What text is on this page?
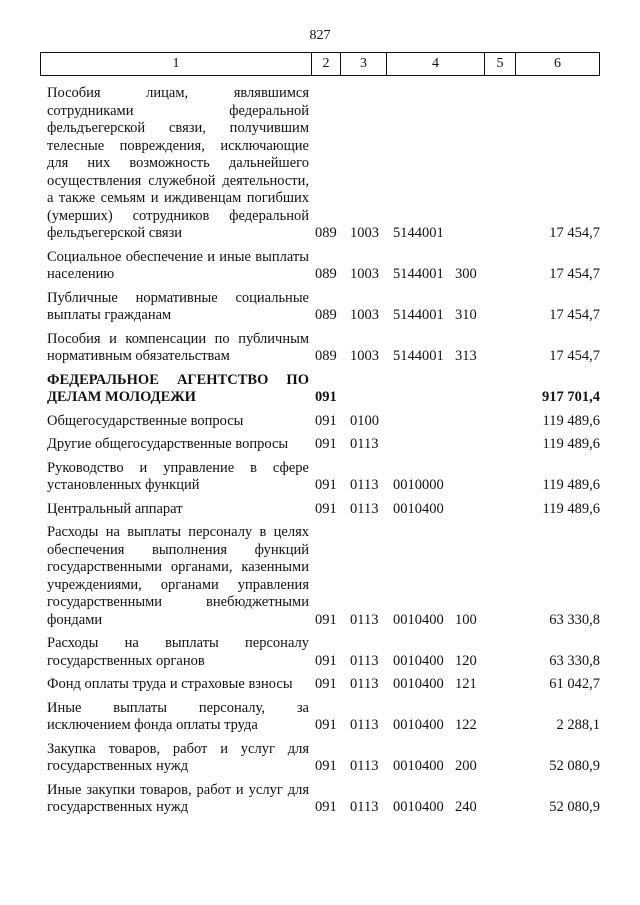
827
1	2	3	4	5	6
Пособия лицам, являвшимся сотрудниками федеральной фельдъегерской связи, получившим телесные повреждения, исключающие для них возможность дальнейшего осуществления служебной деятельности, а также семьям и иждивенцам погибших (умерших) сотрудников федеральной фельдъегерской связи	089 1003 5144001	17 454,7
Социальное обеспечение и иные выплаты населению	089 1003 5144001 300	17 454,7
Публичные нормативные социальные выплаты гражданам	089 1003 5144001 310	17 454,7
Пособия и компенсации по публичным нормативным обязательствам	089 1003 5144001 313	17 454,7
ФЕДЕРАЛЬНОЕ АГЕНТСТВО ПО ДЕЛАМ МОЛОДЕЖИ	091	917 701,4
Общегосударственные вопросы	091 0100	119 489,6
Другие общегосударственные вопросы	091 0113	119 489,6
Руководство и управление в сфере установленных функций	091 0113 0010000	119 489,6
Центральный аппарат	091 0113 0010400	119 489,6
Расходы на выплаты персоналу в целях обеспечения выполнения функций государственными органами, казенными учреждениями, органами управления государственными внебюджетными фондами	091 0113 0010400 100	63 330,8
Расходы на выплаты персоналу государственных органов	091 0113 0010400 120	63 330,8
Фонд оплаты труда и страховые взносы	091 0113 0010400 121	61 042,7
Иные выплаты персоналу, за исключением фонда оплаты труда	091 0113 0010400 122	2 288,1
Закупка товаров, работ и услуг для государственных нужд	091 0113 0010400 200	52 080,9
Иные закупки товаров, работ и услуг для государственных нужд	091 0113 0010400 240	52 080,9
